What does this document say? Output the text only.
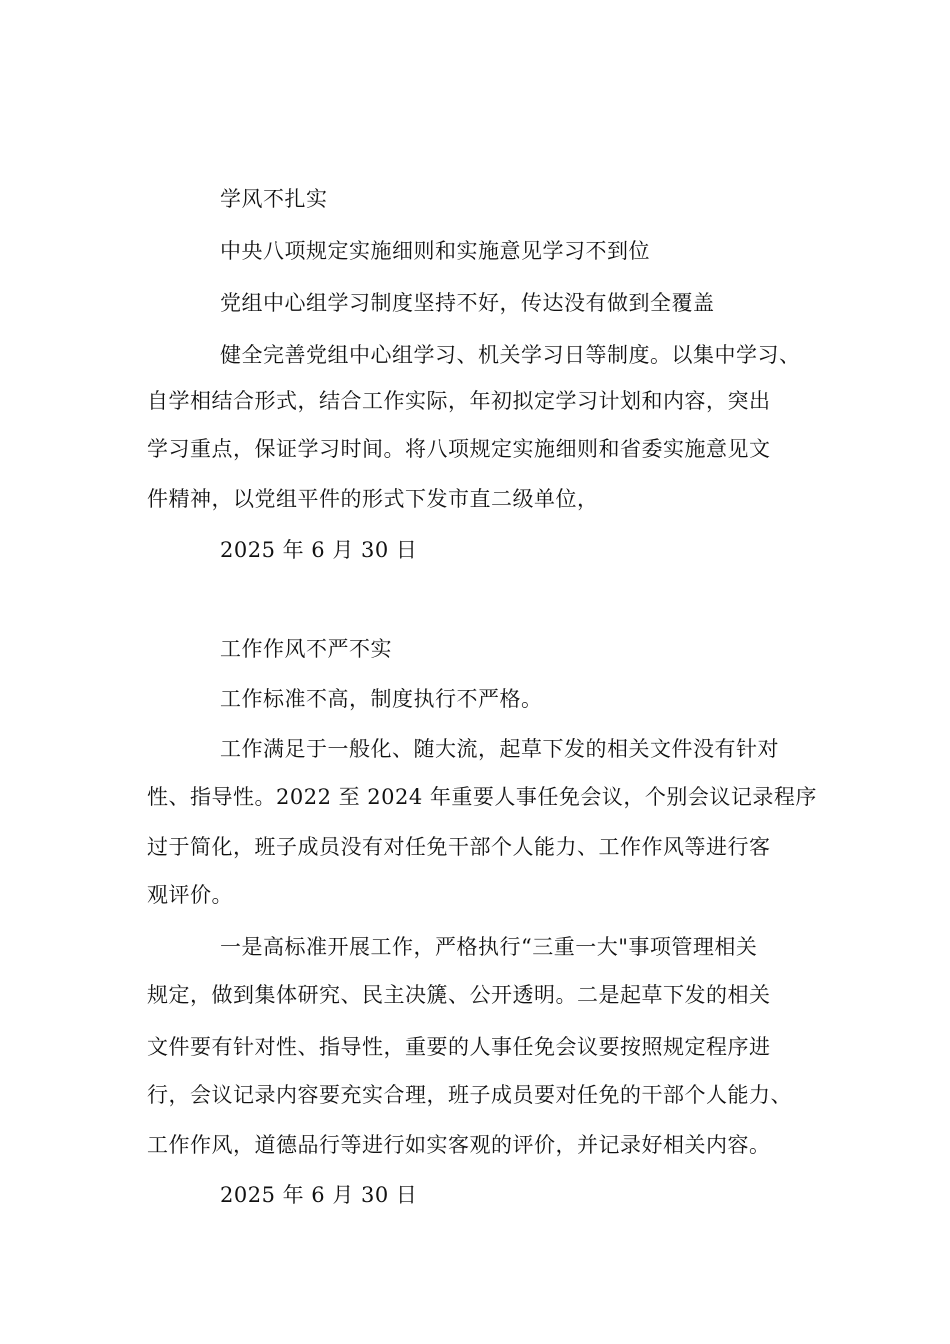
学风不扎实
中央八项规定实施细则和实施意见学习不到位
党组中心组学习制度坚持不好，传达没有做到全覆盖
健全完善党组中心组学习、机关学习日等制度。以集中学习、
自学相结合形式，结合工作实际，年初拟定学习计划和内容，突出
学习重点，保证学习时间。将八项规定实施细则和省委实施意见文
件精神，以党组平件的形式下发市直二级单位，
2025 年 6 月 30 日
工作作风不严不实
工作标准不高，制度执行不严格。
工作满足于一般化、随大流，起草下发的相关文件没有针对
性、指导性。2022 至 2024 年重要人事任免会议，个别会议记录程序
过于简化，班子成员没有对任免干部个人能力、工作作风等进行客
观评价。
一是高标准开展工作，严格执行“三重一大"事项管理相关
规定，做到集体研究、民主决篪、公开透明。二是起草下发的相关
文件要有针对性、指导性，重要的人事任免会议要按照规定程序进
行，会议记录内容要充实合理，班子成员要对任免的干部个人能力、
工作作风，道德品行等进行如实客观的评价，并记录好相关内容。
2025 年 6 月 30 日
